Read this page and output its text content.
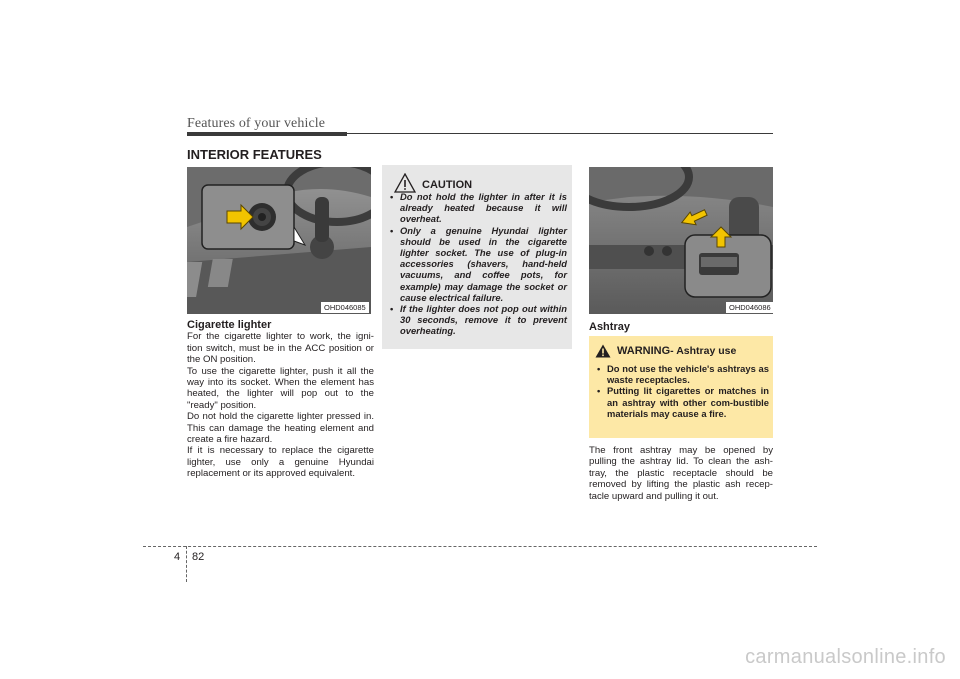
Features of your vehicle
INTERIOR FEATURES
OHD046085
Cigarette lighter

For the cigarette lighter to work, the igni-tion switch, must be in the ACC position or the ON position.

To use the cigarette lighter, push it all the way into its socket. When the element has heated, the lighter will pop out to the "ready" position.

Do not hold the cigarette lighter pressed in. This can damage the heating element and create a fire hazard.

If it is necessary to replace the cigarette lighter, use only a genuine Hyundai replacement or its approved equivalent.

CAUTION
• Do not hold the lighter in after it is already heated because it will overheat.
• Only a genuine Hyundai lighter should be used in the cigarette lighter socket. The use of plug-in accessories (shavers, hand-held vacuums, and coffee pots, for example) may damage the socket or cause electrical failure.
• If the lighter does not pop out within 30 seconds, remove it to prevent overheating.
OHD046086
Ashtray
WARNING - Ashtray use
• Do not use the vehicle's ashtrays as waste receptacles.
• Putting lit cigarettes or matches in an ashtray with other com-bustible materials may cause a fire.

The front ashtray may be opened by pulling the ashtray lid. To clean the ash-tray, the plastic receptacle should be removed by lifting the plastic ash recep-tacle upward and pulling it out.

4 82
carmanualsonline.info
